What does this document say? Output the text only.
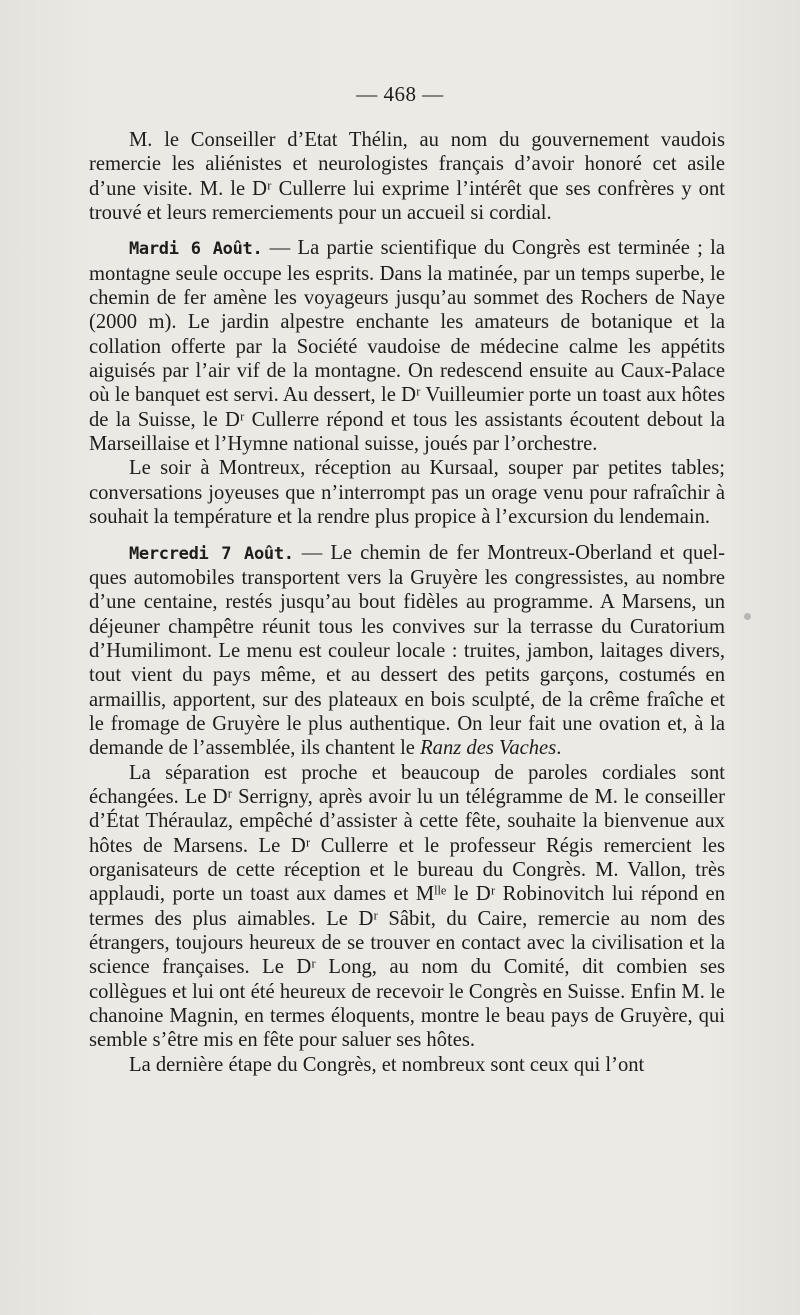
— 468 —

M. le Conseiller d’Etat Thélin, au nom du gouvernement vaudois remercie les aliénistes et neurologistes français d’avoir honoré cet asile d’une visite. M. le Dʳ Cullerre lui exprime l’intérêt que ses confrères y ont trouvé et leurs remerciements pour un accueil si cordial.

Mardi 6 Août. — La partie scientifique du Congrès est terminée ; la montagne seule occupe les esprits. Dans la matinée, par un temps superbe, le chemin de fer amène les voyageurs jusqu’au sommet des Rochers de Naye (2000 m). Le jardin alpestre enchante les amateurs de botanique et la collation offerte par la Société vaudoise de médecine calme les appétits aiguisés par l’air vif de la montagne. On redescend ensuite au Caux-Palace où le banquet est servi. Au dessert, le Dʳ Vuilleumier porte un toast aux hôtes de la Suisse, le Dʳ Cullerre répond et tous les assistants écoutent debout la Marseillaise et l’Hymne national suisse, joués par l’orchestre.

Le soir à Montreux, réception au Kursaal, souper par petites tables; conversations joyeuses que n’interrompt pas un orage venu pour rafraîchir à souhait la température et la rendre plus propice à l’excursion du lendemain.

Mercredi 7 Août. — Le chemin de fer Montreux-Oberland et quelques automobiles transportent vers la Gruyère les congressistes, au nombre d’une centaine, restés jusqu’au bout fidèles au programme. A Marsens, un déjeuner champêtre réunit tous les convives sur la terrasse du Curatorium d’Humilimont. Le menu est couleur locale : truites, jambon, laitages divers, tout vient du pays même, et au dessert des petits garçons, costumés en armaillis, apportent, sur des plateaux en bois sculpté, de la crême fraîche et le fromage de Gruyère le plus authentique. On leur fait une ovation et, à la demande de l’assemblée, ils chantent le Ranz des Vaches.

La séparation est proche et beaucoup de paroles cordiales sont échangées. Le Dʳ Serrigny, après avoir lu un télégramme de M. le conseiller d’État Théraulaz, empêché d’assister à cette fête, souhaite la bienvenue aux hôtes de Marsens. Le Dʳ Cullerre et le professeur Régis remercient les organisateurs de cette réception et le bureau du Congrès. M. Vallon, très applaudi, porte un toast aux dames et Mˡˡᵉ le Dʳ Robinovitch lui répond en termes des plus aimables. Le Dʳ Sâbit, du Caire, remercie au nom des étrangers, toujours heureux de se trouver en contact avec la civilisation et la science françaises. Le Dʳ Long, au nom du Comité, dit combien ses collègues et lui ont été heureux de recevoir le Congrès en Suisse. Enfin M. le chanoine Magnin, en termes éloquents, montre le beau pays de Gruyère, qui semble s’être mis en fête pour saluer ses hôtes.

La dernière étape du Congrès, et nombreux sont ceux qui l’ont
